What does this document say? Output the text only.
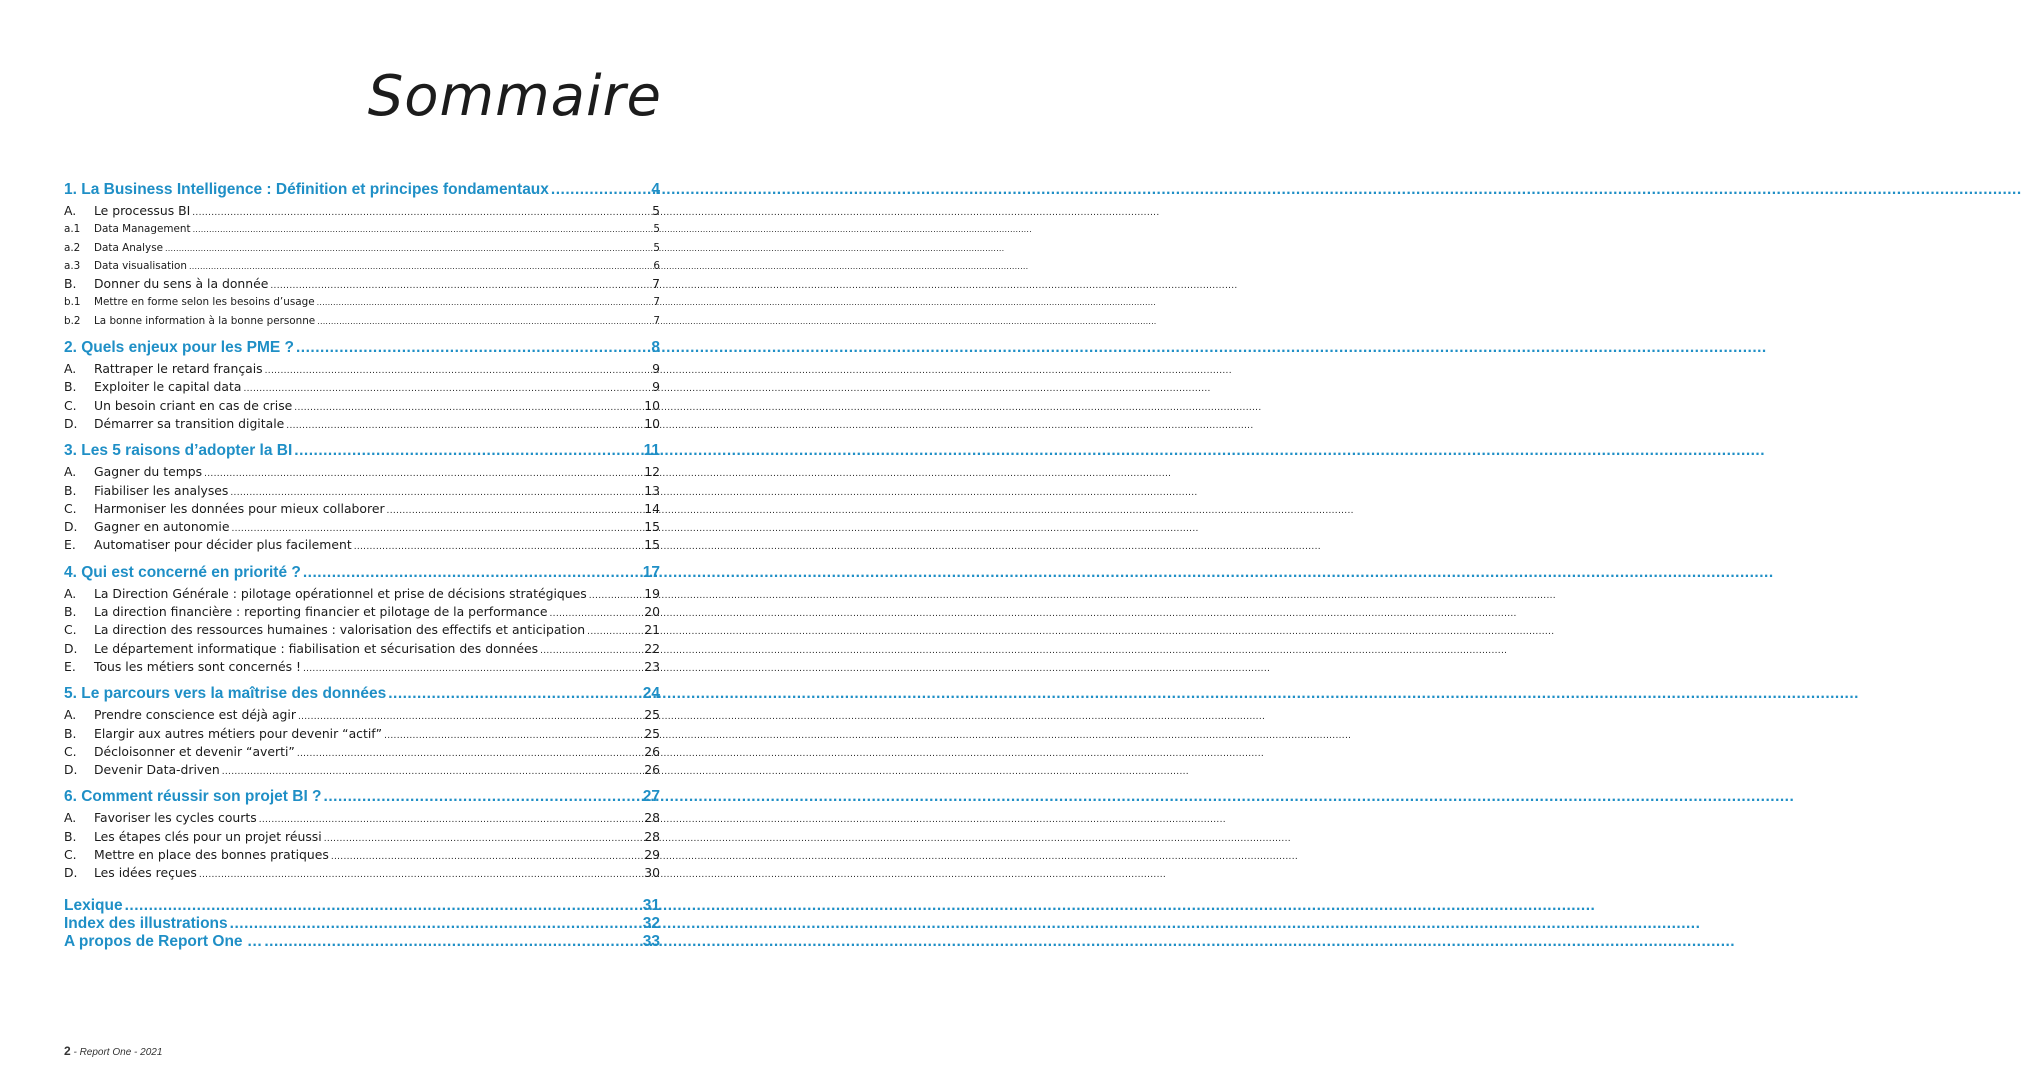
Sommaire
1. La Business Intelligence : Définition et principes fondamentaux .....	4
A.	Le processus BI .....	5
a.1	Data Management .....	5
a.2	Data Analyse .....	5
a.3	Data visualisation .....	6
B.	Donner du sens à la donnée .....	7
b.1	Mettre en forme selon les besoins d’usage .....	7
b.2	La bonne information à la bonne personne .....	7
2. Quels enjeux pour les PME ? .....	8
A.	Rattraper le retard français .....	9
B.	Exploiter le capital data .....	9
C.	Un besoin criant en cas de crise .....	10
D.	Démarrer sa transition digitale .....	10
3. Les 5 raisons d’adopter la BI .....	11
A.	Gagner du temps .....	12
B.	Fiabiliser les analyses .....	13
C.	Harmoniser les données pour mieux collaborer .....	14
D.	Gagner en autonomie .....	15
E.	Automatiser pour décider plus facilement .....	15
4. Qui est concerné en priorité ? .....	17
A.	La Direction Générale : pilotage opérationnel et prise de décisions stratégiques .....	19
B.	La direction financière : reporting financier et pilotage de la performance .....	20
C.	La direction des ressources humaines : valorisation des effectifs et anticipation .....	21
D.	Le département informatique : fiabilisation et sécurisation des données .....	22
E.	Tous les métiers sont concernés ! .....	23
5. Le parcours vers la maîtrise des données .....	24
A.	Prendre conscience est déjà agir .....	25
B.	Elargir aux autres métiers pour devenir “actif” .....	25
C.	Décloisonner et devenir “averti” .....	26
D.	Devenir Data-driven .....	26
6. Comment réussir son projet BI ? .....	27
A.	Favoriser les cycles courts .....	28
B.	Les étapes clés pour un projet réussi .....	28
C.	Mettre en place des bonnes pratiques .....	29
D.	Les idées reçues .....	30
Lexique .....	31
Index des illustrations .....	32
A propos de Report One … .....	33
2 - Report One - 2021
